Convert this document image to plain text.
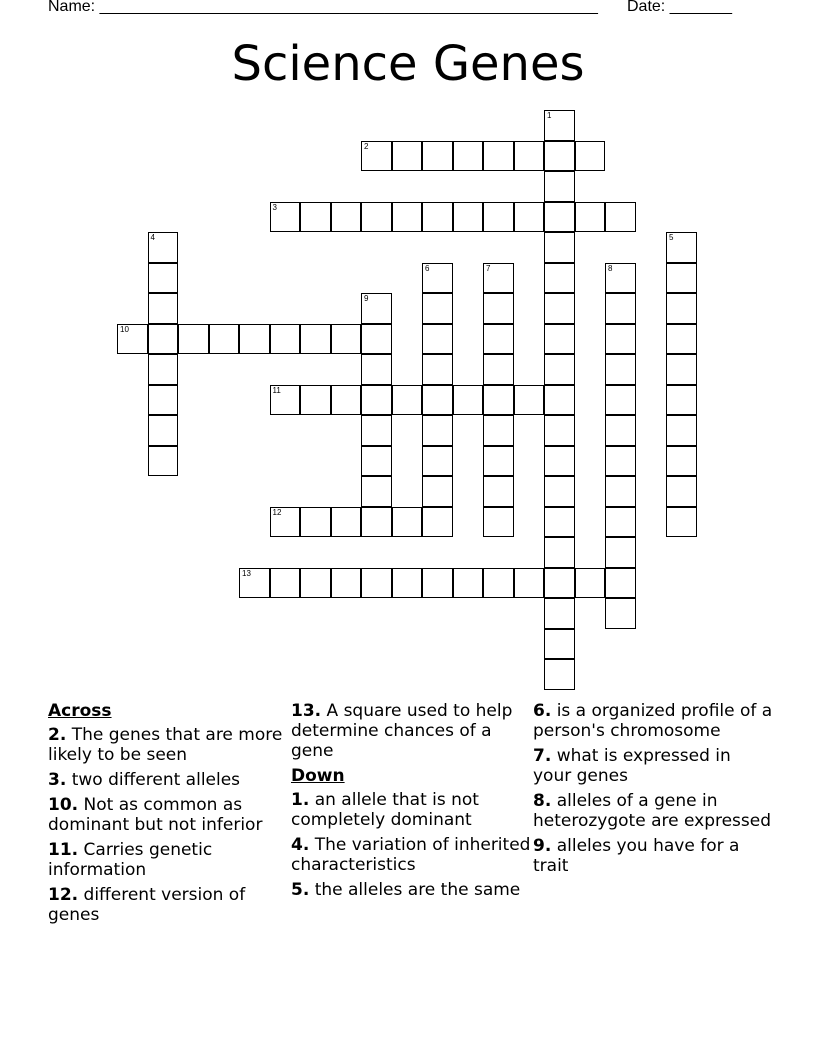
Name: ________________________________________________________ Date: _______
Science Genes
1
2
3
4	5
6	7	8
9
10
11
12
13
Across
2. The genes that are more likely to be seen
3. two different alleles
10. Not as common as dominant but not inferior
11. Carries genetic information
12. different version of genes
13. A square used to help determine chances of a gene
Down
1. an allele that is not completely dominant
4. The variation of inherited characteristics
5. the alleles are the same
6. is a organized profile of a person's chromosome
7. what is expressed in your genes
8. alleles of a gene in heterozygote are expressed
9. alleles you have for a trait
